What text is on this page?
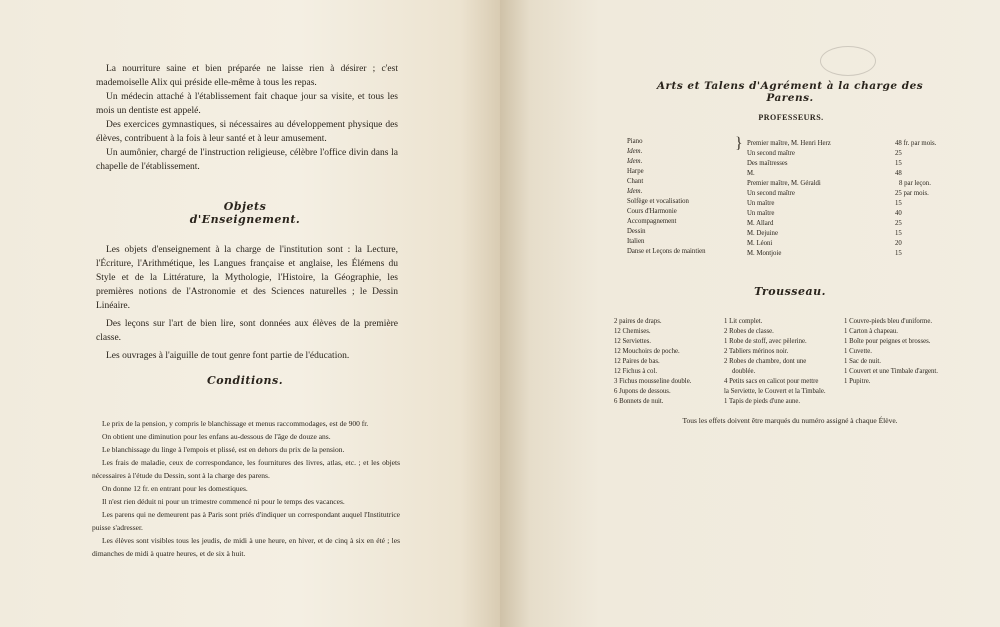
La nourriture saine et bien préparée ne laisse rien à désirer ; c'est mademoiselle Alix qui préside elle-même à tous les repas.

Un médecin attaché à l'établissement fait chaque jour sa visite, et tous les mois un dentiste est appelé.

Des exercices gymnastiques, si nécessaires au développement physique des élèves, contribuent à la fois à leur santé et à leur amusement.

Un aumônier, chargé de l'instruction religieuse, célèbre l'office divin dans la chapelle de l'établissement.

Objets d'Enseignement.

Les objets d'enseignement à la charge de l'institution sont : la Lecture, l'Écriture, l'Arithmétique, les Langues française et anglaise, les Élémens du Style et de la Littérature, la Mythologie, l'Histoire, la Géographie, les premières notions de l'Astronomie et des Sciences naturelles ; le Dessin Linéaire.

Des leçons sur l'art de bien lire, sont données aux élèves de la première classe.

Les ouvrages à l'aiguille de tout genre font partie de l'éducation.

Conditions.

Le prix de la pension, y compris le blanchissage et menus raccommodages, est de 900 fr.

On obtient une diminution pour les enfans au-dessous de l'âge de douze ans.

Le blanchissage du linge à l'empois et plissé, est en dehors du prix de la pension.

Les frais de maladie, ceux de correspondance, les fournitures des livres, atlas, etc. ; et les objets nécessaires à l'étude du Dessin, sont à la charge des parens.

On donne 12 fr. en entrant pour les domestiques.

Il n'est rien déduit ni pour un trimestre commencé ni pour le temps des vacances.

Les parens qui ne demeurent pas à Paris sont priés d'indiquer un correspondant auquel l'Institutrice puisse s'adresser.

Les élèves sont visibles tous les jeudis, de midi à une heure, en hiver, et de cinq à six en été ; les dimanches de midi à quatre heures, et de six à huit.

Arts et Talens d'Agrément à la charge des Parens.
PROFESSEURS.
Piano
Idem.
Idem.
Harpe
Chant
Idem.
Solfège et vocalisation
Cours d'Harmonie
Accompagnement
Dessin
Italien
Danse et Leçons de maintien
} Premier maître, M. Henri Herz
Un second maître
Des maîtresses
M.
Premier maître, M. Géraldi
Un second maître
Un maître
Un maître
M. Allard
M. Dejuine
M. Léoni
M. Montjoie
48 fr. par mois.
25
15
48
8 par leçon.
25 par mois.
15
40
25
15
20
15
Trousseau.
2 paires de draps.
12 Chemises.
12 Serviettes.
12 Mouchoirs de poche.
12 Paires de bas.
12 Fichus à col.
3 Fichus mousseline double.
6 Jupons de dessous.
6 Bonnets de nuit.
1 Lit complet.
2 Robes de classe.
1 Robe de stoff, avec pèlerine.
2 Tabliers mérinos noir.
2 Robes de chambre, dont une
doublée.
4 Petits sacs en calicot pour mettre
la Serviette, le Couvert et la Timbale.
1 Tapis de pieds d'une aune.
1 Couvre-pieds bleu d'uniforme.
1 Carton à chapeau.
1 Boîte pour peignes et brosses.
1 Cuvette.
1 Sac de nuit.
1 Couvert et une Timbale d'argent.
1 Pupitre.
Tous les effets doivent être marqués du numéro assigné à chaque Élève.
